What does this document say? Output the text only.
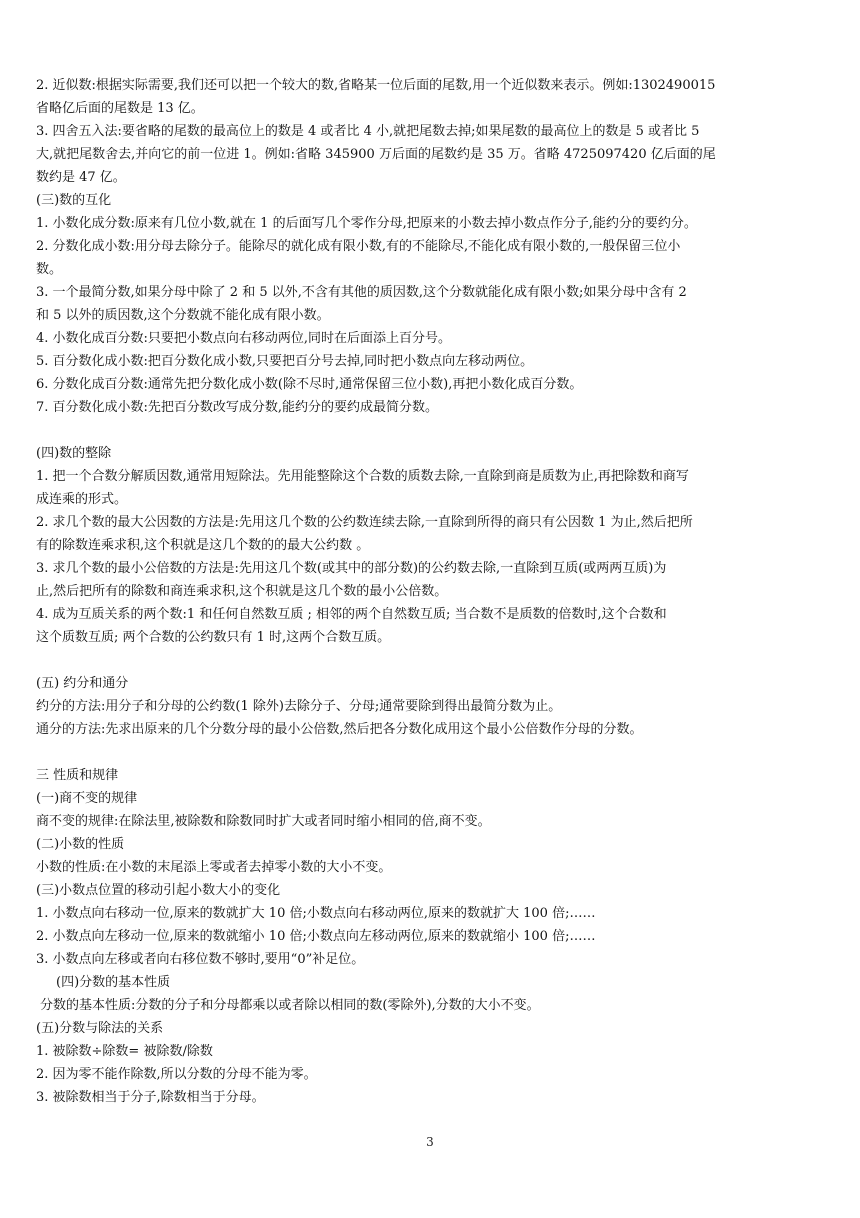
2. 近似数:根据实际需要,我们还可以把一个较大的数,省略某一位后面的尾数,用一个近似数来表示。例如:1302490015
省略亿后面的尾数是 13 亿。
3. 四舍五入法:要省略的尾数的最高位上的数是 4 或者比 4 小,就把尾数去掉;如果尾数的最高位上的数是 5 或者比 5
大,就把尾数舍去,并向它的前一位进 1。例如:省略 345900 万后面的尾数约是 35 万。省略 4725097420 亿后面的尾
数约是 47 亿。
(三)数的互化
1. 小数化成分数:原来有几位小数,就在 1 的后面写几个零作分母,把原来的小数去掉小数点作分子,能约分的要约分。
2. 分数化成小数:用分母去除分子。能除尽的就化成有限小数,有的不能除尽,不能化成有限小数的,一般保留三位小
数。
3. 一个最简分数,如果分母中除了 2 和 5 以外,不含有其他的质因数,这个分数就能化成有限小数;如果分母中含有 2
和 5 以外的质因数,这个分数就不能化成有限小数。
4. 小数化成百分数:只要把小数点向右移动两位,同时在后面添上百分号。
5. 百分数化成小数:把百分数化成小数,只要把百分号去掉,同时把小数点向左移动两位。
6. 分数化成百分数:通常先把分数化成小数(除不尽时,通常保留三位小数),再把小数化成百分数。
7. 百分数化成小数:先把百分数改写成分数,能约分的要约成最简分数。
(四)数的整除
1. 把一个合数分解质因数,通常用短除法。先用能整除这个合数的质数去除,一直除到商是质数为止,再把除数和商写
成连乘的形式。
2. 求几个数的最大公因数的方法是:先用这几个数的公约数连续去除,一直除到所得的商只有公因数 1 为止,然后把所
有的除数连乘求积,这个积就是这几个数的的最大公约数 。
3. 求几个数的最小公倍数的方法是:先用这几个数(或其中的部分数)的公约数去除,一直除到互质(或两两互质)为
止,然后把所有的除数和商连乘求积,这个积就是这几个数的最小公倍数。
4. 成为互质关系的两个数:1 和任何自然数互质 ; 相邻的两个自然数互质; 当合数不是质数的倍数时,这个合数和
这个质数互质; 两个合数的公约数只有 1 时,这两个合数互质。
(五) 约分和通分
约分的方法:用分子和分母的公约数(1 除外)去除分子、分母;通常要除到得出最简分数为止。
通分的方法:先求出原来的几个分数分母的最小公倍数,然后把各分数化成用这个最小公倍数作分母的分数。
三 性质和规律
(一)商不变的规律
商不变的规律:在除法里,被除数和除数同时扩大或者同时缩小相同的倍,商不变。
(二)小数的性质
小数的性质:在小数的末尾添上零或者去掉零小数的大小不变。
(三)小数点位置的移动引起小数大小的变化
1. 小数点向右移动一位,原来的数就扩大 10 倍;小数点向右移动两位,原来的数就扩大 100 倍;……
2. 小数点向左移动一位,原来的数就缩小 10 倍;小数点向左移动两位,原来的数就缩小 100 倍;……
3. 小数点向左移或者向右移位数不够时,要用“0”补足位。
(四)分数的基本性质
分数的基本性质:分数的分子和分母都乘以或者除以相同的数(零除外),分数的大小不变。
(五)分数与除法的关系
1. 被除数÷除数= 被除数/除数
2. 因为零不能作除数,所以分数的分母不能为零。
3. 被除数相当于分子,除数相当于分母。
3
